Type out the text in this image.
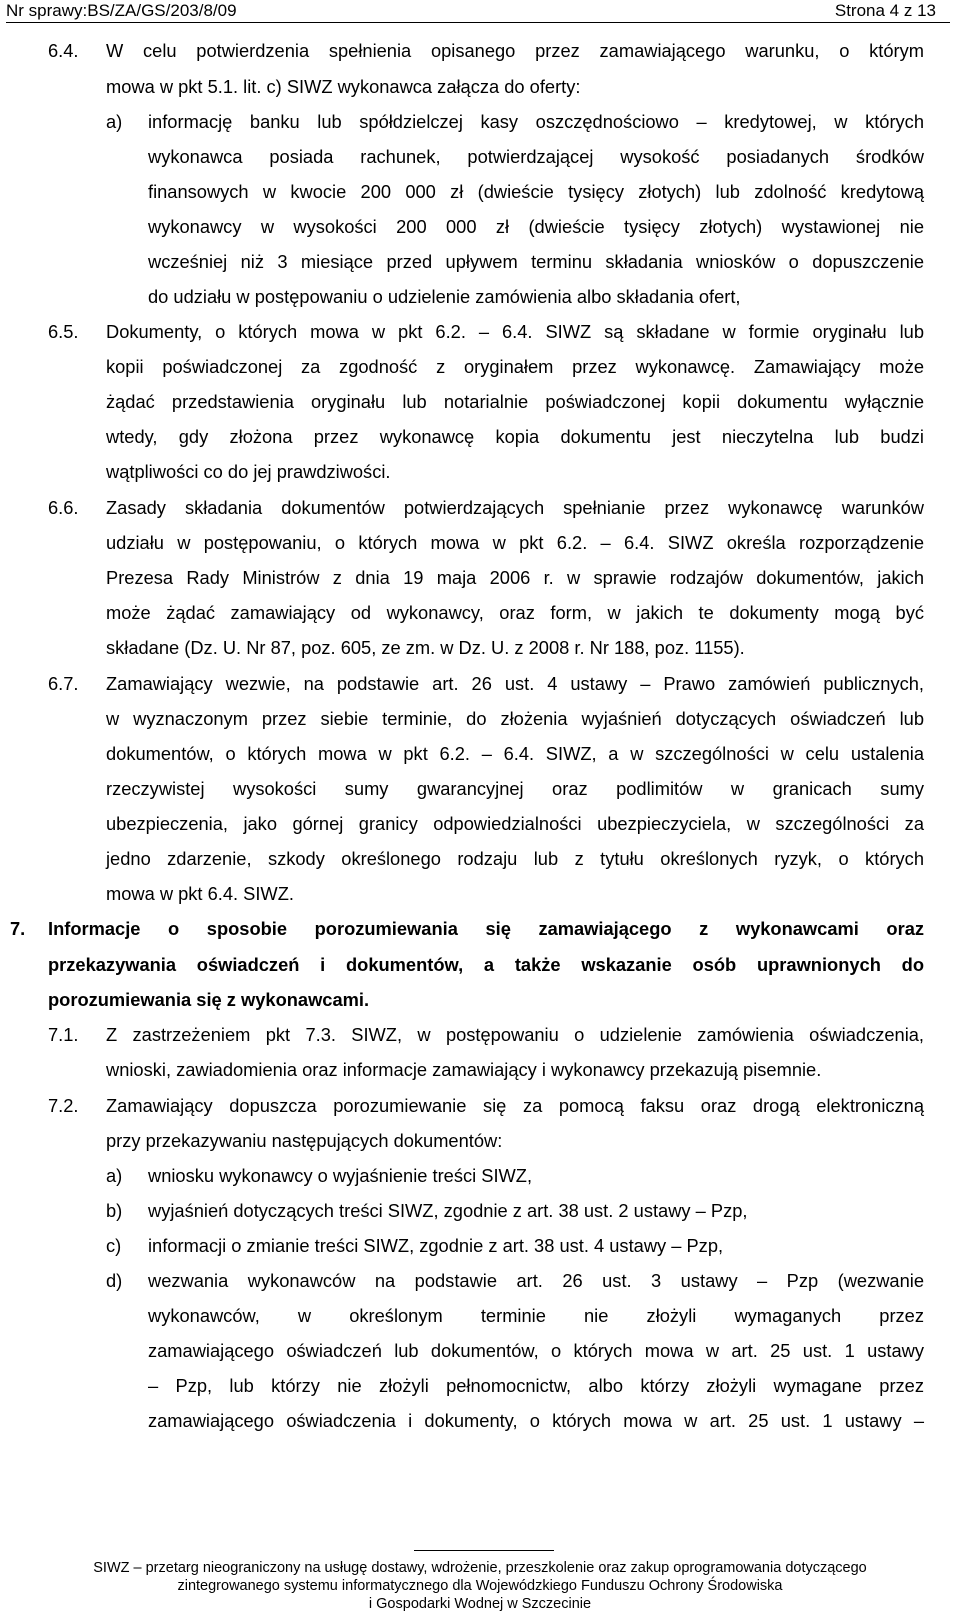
Nr sprawy:BS/ZA/GS/203/8/09	Strona 4 z 13
6.4. W celu potwierdzenia spełnienia opisanego przez zamawiającego warunku, o którym
mowa w pkt 5.1. lit. c) SIWZ wykonawca załącza do oferty:
a) informację banku lub spółdzielczej kasy oszczędnościowo – kredytowej, w których
wykonawca posiada rachunek, potwierdzającej wysokość posiadanych środków
finansowych w kwocie 200 000 zł (dwieście tysięcy złotych) lub zdolność kredytową
wykonawcy w wysokości 200 000 zł (dwieście tysięcy złotych) wystawionej nie
wcześniej niż 3 miesiące przed upływem terminu składania wniosków o dopuszczenie
do udziału w postępowaniu o udzielenie zamówienia albo składania ofert,
6.5. Dokumenty, o których mowa w pkt 6.2. – 6.4. SIWZ są składane w formie oryginału lub
kopii poświadczonej za zgodność z oryginałem przez wykonawcę. Zamawiający może
żądać przedstawienia oryginału lub notarialnie poświadczonej kopii dokumentu wyłącznie
wtedy, gdy złożona przez wykonawcę kopia dokumentu jest nieczytelna lub budzi
wątpliwości co do jej prawdziwości.
6.6. Zasady składania dokumentów potwierdzających spełnianie przez wykonawcę warunków
udziału w postępowaniu, o których mowa w pkt 6.2. – 6.4. SIWZ określa rozporządzenie
Prezesa Rady Ministrów z dnia 19 maja 2006 r. w sprawie rodzajów dokumentów, jakich
może żądać zamawiający od wykonawcy, oraz form, w jakich te dokumenty mogą być
składane (Dz. U. Nr 87, poz. 605, ze zm. w Dz. U. z 2008 r. Nr 188, poz. 1155).
6.7. Zamawiający wezwie, na podstawie art. 26 ust. 4 ustawy – Prawo zamówień publicznych,
w wyznaczonym przez siebie terminie, do złożenia wyjaśnień dotyczących oświadczeń lub
dokumentów, o których mowa w pkt 6.2. – 6.4. SIWZ, a w szczególności w celu ustalenia
rzeczywistej wysokości sumy gwarancyjnej oraz podlimitów w granicach sumy
ubezpieczenia, jako górnej granicy odpowiedzialności ubezpieczyciela, w szczególności za
jedno zdarzenie, szkody określonego rodzaju lub z tytułu określonych ryzyk, o których
mowa w pkt 6.4. SIWZ.
7. Informacje o sposobie porozumiewania się zamawiającego z wykonawcami oraz
przekazywania oświadczeń i dokumentów, a także wskazanie osób uprawnionych do
porozumiewania się z wykonawcami.
7.1. Z zastrzeżeniem pkt 7.3. SIWZ, w postępowaniu o udzielenie zamówienia oświadczenia,
wnioski, zawiadomienia oraz informacje zamawiający i wykonawcy przekazują pisemnie.
7.2. Zamawiający dopuszcza porozumiewanie się za pomocą faksu oraz drogą elektroniczną
przy przekazywaniu następujących dokumentów:
a) wniosku wykonawcy o wyjaśnienie treści SIWZ,
b) wyjaśnień dotyczących treści SIWZ, zgodnie z art. 38 ust. 2 ustawy – Pzp,
c) informacji o zmianie treści SIWZ, zgodnie z art. 38 ust. 4 ustawy – Pzp,
d) wezwania wykonawców na podstawie art. 26 ust. 3 ustawy – Pzp (wezwanie
wykonawców, w określonym terminie nie złożyli wymaganych przez
zamawiającego oświadczeń lub dokumentów, o których mowa w art. 25 ust. 1 ustawy
– Pzp, lub którzy nie złożyli pełnomocnictw, albo którzy złożyli wymagane przez
zamawiającego oświadczenia i dokumenty, o których mowa w art. 25 ust. 1 ustawy –
SIWZ – przetarg nieograniczony na usługę dostawy, wdrożenie, przeszkolenie oraz zakup oprogramowania dotyczącego
zintegrowanego systemu informatycznego dla Wojewódzkiego Funduszu Ochrony Środowiska
i Gospodarki Wodnej w Szczecinie
